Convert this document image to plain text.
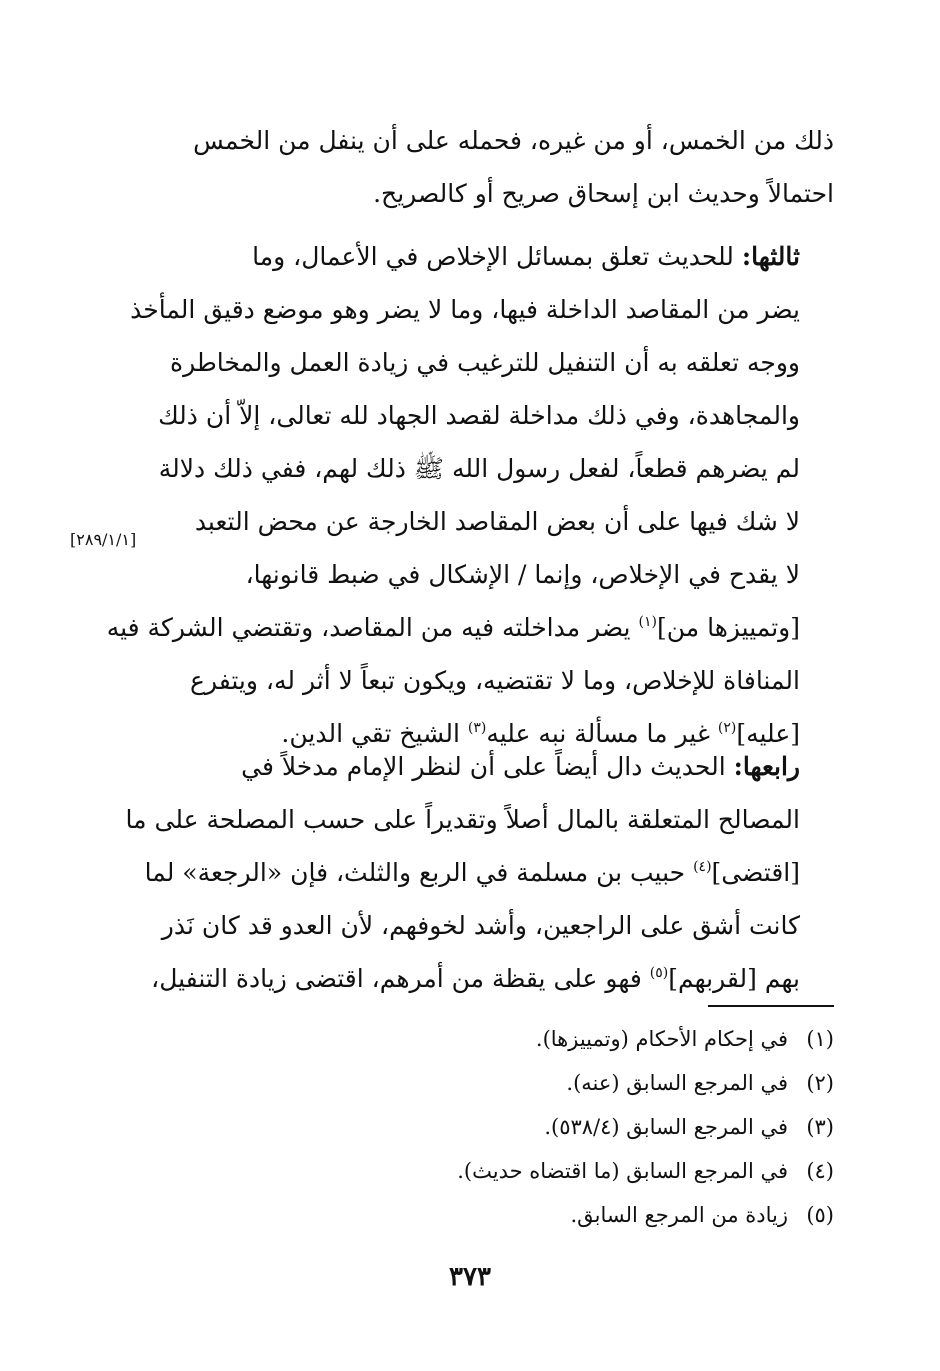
ذلك من الخمس، أو من غيره، فحمله على أن ينفل من الخمس
احتمالاً وحديث ابن إسحاق صريح أو كالصريح.
ثالثها: للحديث تعلق بمسائل الإخلاص في الأعمال، وما
يضر من المقاصد الداخلة فيها، وما لا يضر وهو موضع دقيق المأخذ
ووجه تعلقه به أن التنفيل للترغيب في زيادة العمل والمخاطرة
والمجاهدة، وفي ذلك مداخلة لقصد الجهاد لله تعالى، إلاّ أن ذلك
لم يضرهم قطعاً، لفعل رسول الله ﷺ ذلك لهم، ففي ذلك دلالة
لا شك فيها على أن بعض المقاصد الخارجة عن محض التعبد
لا يقدح في الإخلاص، وإنما / الإشكال في ضبط قانونها،
[وتمييزها من]$^{(١)}$ يضر مداخلته فيه من المقاصد، وتقتضي الشركة فيه
المنافاة للإخلاص، وما لا تقتضيه، ويكون تبعاً لا أثر له، ويتفرع
[عليه]$^{(٢)}$ غير ما مسألة نبه عليه$^{(٣)}$ الشيخ تقي الدين.
[٢٨٩/١/١]
رابعها: الحديث دال أيضاً على أن لنظر الإمام مدخلاً في
المصالح المتعلقة بالمال أصلاً وتقديراً على حسب المصلحة على ما
[اقتضى]$^{(٤)}$ حبيب بن مسلمة في الربع والثلث، فإن «الرجعة» لما
كانت أشق على الراجعين، وأشد لخوفهم، لأن العدو قد كان نَذر
بهم [لقربهم]$^{(٥)}$ فهو على يقظة من أمرهم، اقتضى زيادة التنفيل،
(١)في إحكام الأحكام (وتمييزها).
(٢)في المرجع السابق (عنه).
(٣)في المرجع السابق (٥٣٨/٤).
(٤)في المرجع السابق (ما اقتضاه حديث).
(٥)زيادة من المرجع السابق.
٣٧٣
